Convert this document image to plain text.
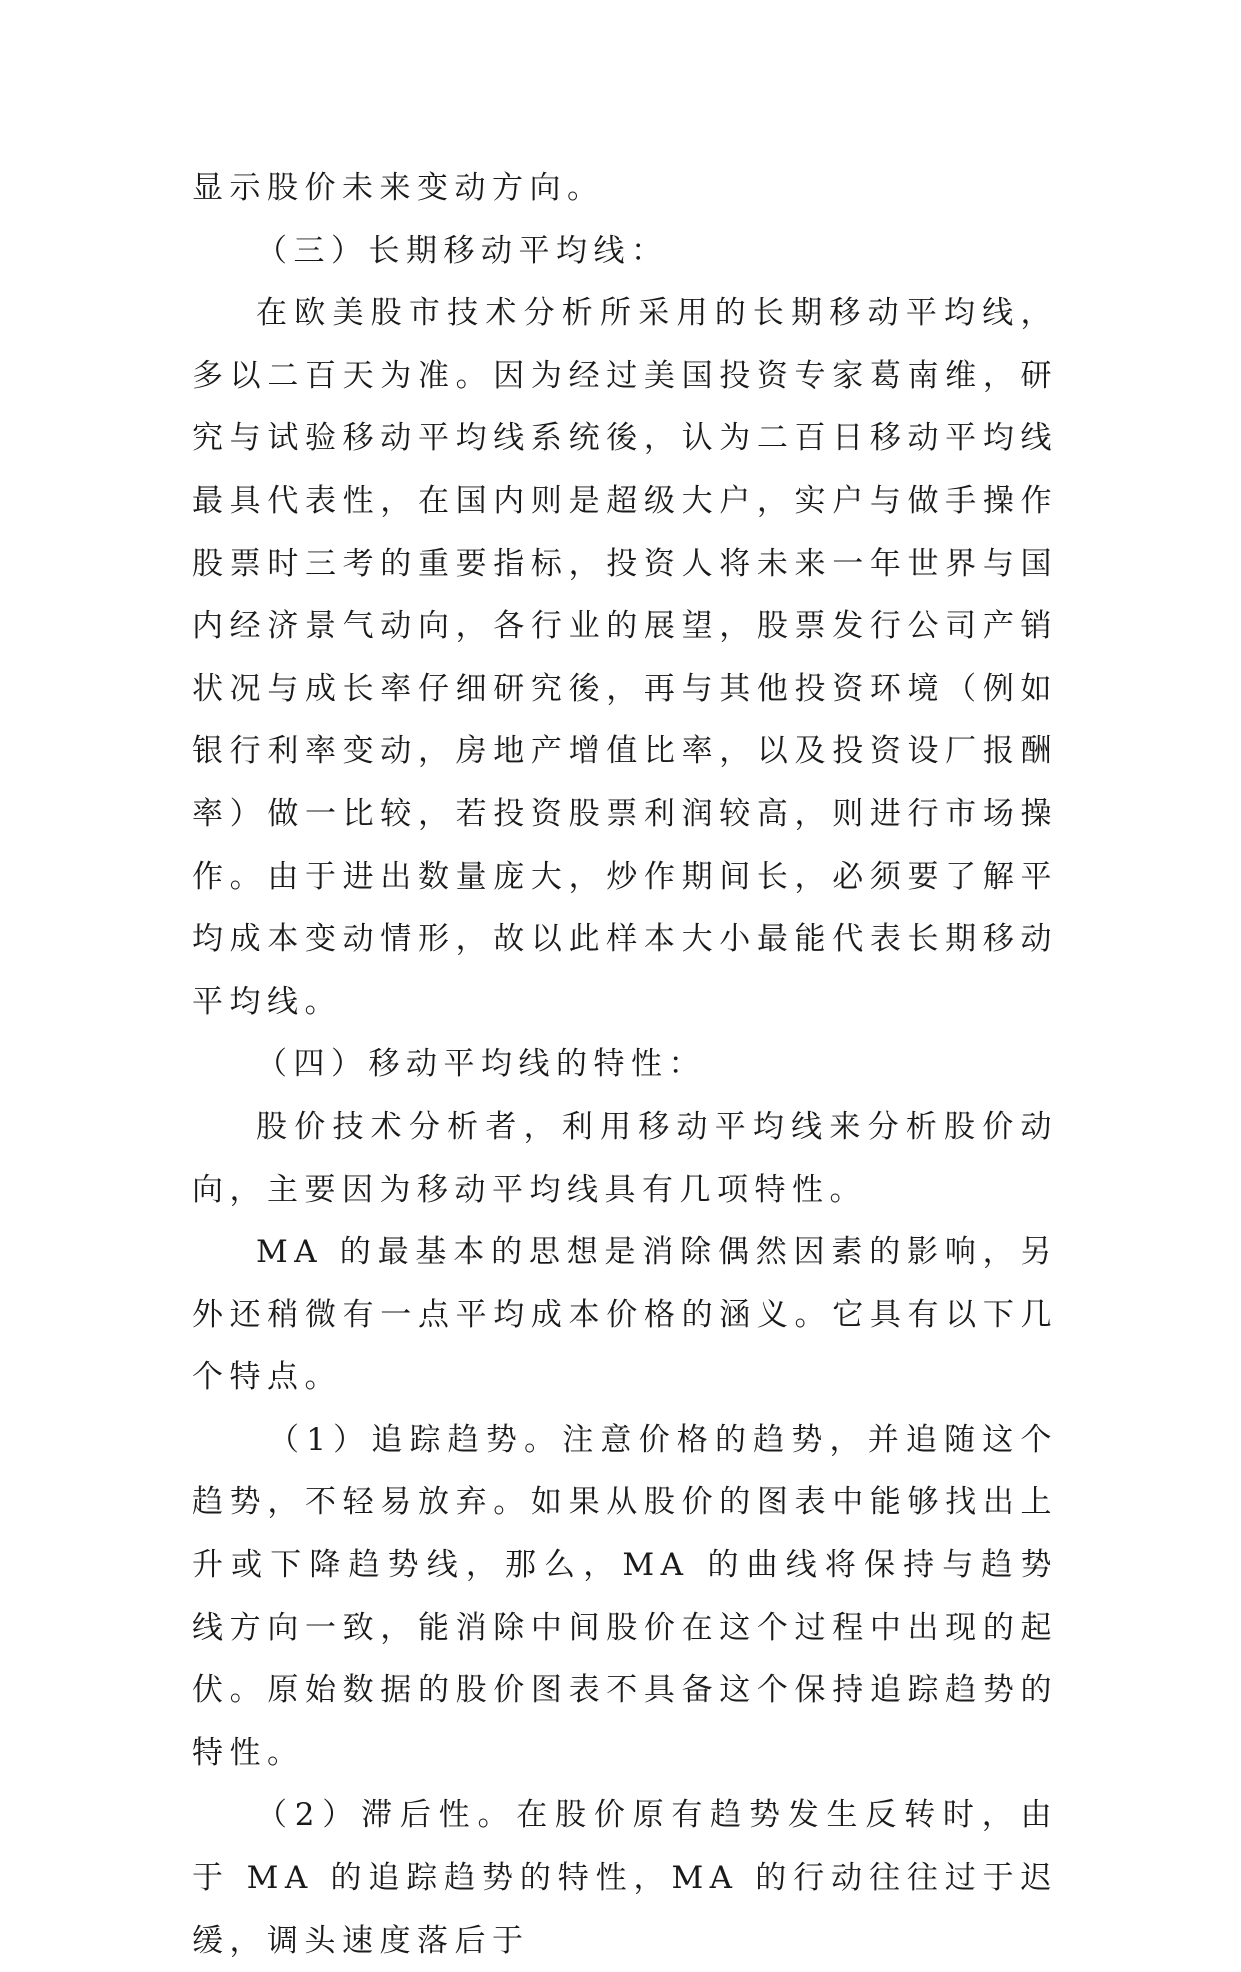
显示股价未来变动方向。

（三）长期移动平均线：

在欧美股市技术分析所采用的长期移动平均线，多以二百天为准。因为经过美国投资专家葛南维，研究与试验移动平均线系统後，认为二百日移动平均线最具代表性，在国内则是超级大户，实户与做手操作股票时三考的重要指标，投资人将未来一年世界与国内经济景气动向，各行业的展望，股票发行公司产销状况与成长率仔细研究後，再与其他投资环境（例如银行利率变动，房地产增值比率，以及投资设厂报酬率）做一比较，若投资股票利润较高，则进行市场操作。由于进出数量庞大，炒作期间长，必须要了解平均成本变动情形，故以此样本大小最能代表长期移动平均线。

（四）移动平均线的特性：

股价技术分析者，利用移动平均线来分析股价动向，主要因为移动平均线具有几项特性。

MA 的最基本的思想是消除偶然因素的影响，另外还稍微有一点平均成本价格的涵义。它具有以下几个特点。

（1）追踪趋势。注意价格的趋势，并追随这个趋势，不轻易放弃。如果从股价的图表中能够找出上升或下降趋势线，那么，MA 的曲线将保持与趋势线方向一致，能消除中间股价在这个过程中出现的起伏。原始数据的股价图表不具备这个保持追踪趋势的特性。

（2）滞后性。在股价原有趋势发生反转时，由于 MA 的追踪趋势的特性，MA 的行动往往过于迟缓，调头速度落后于
